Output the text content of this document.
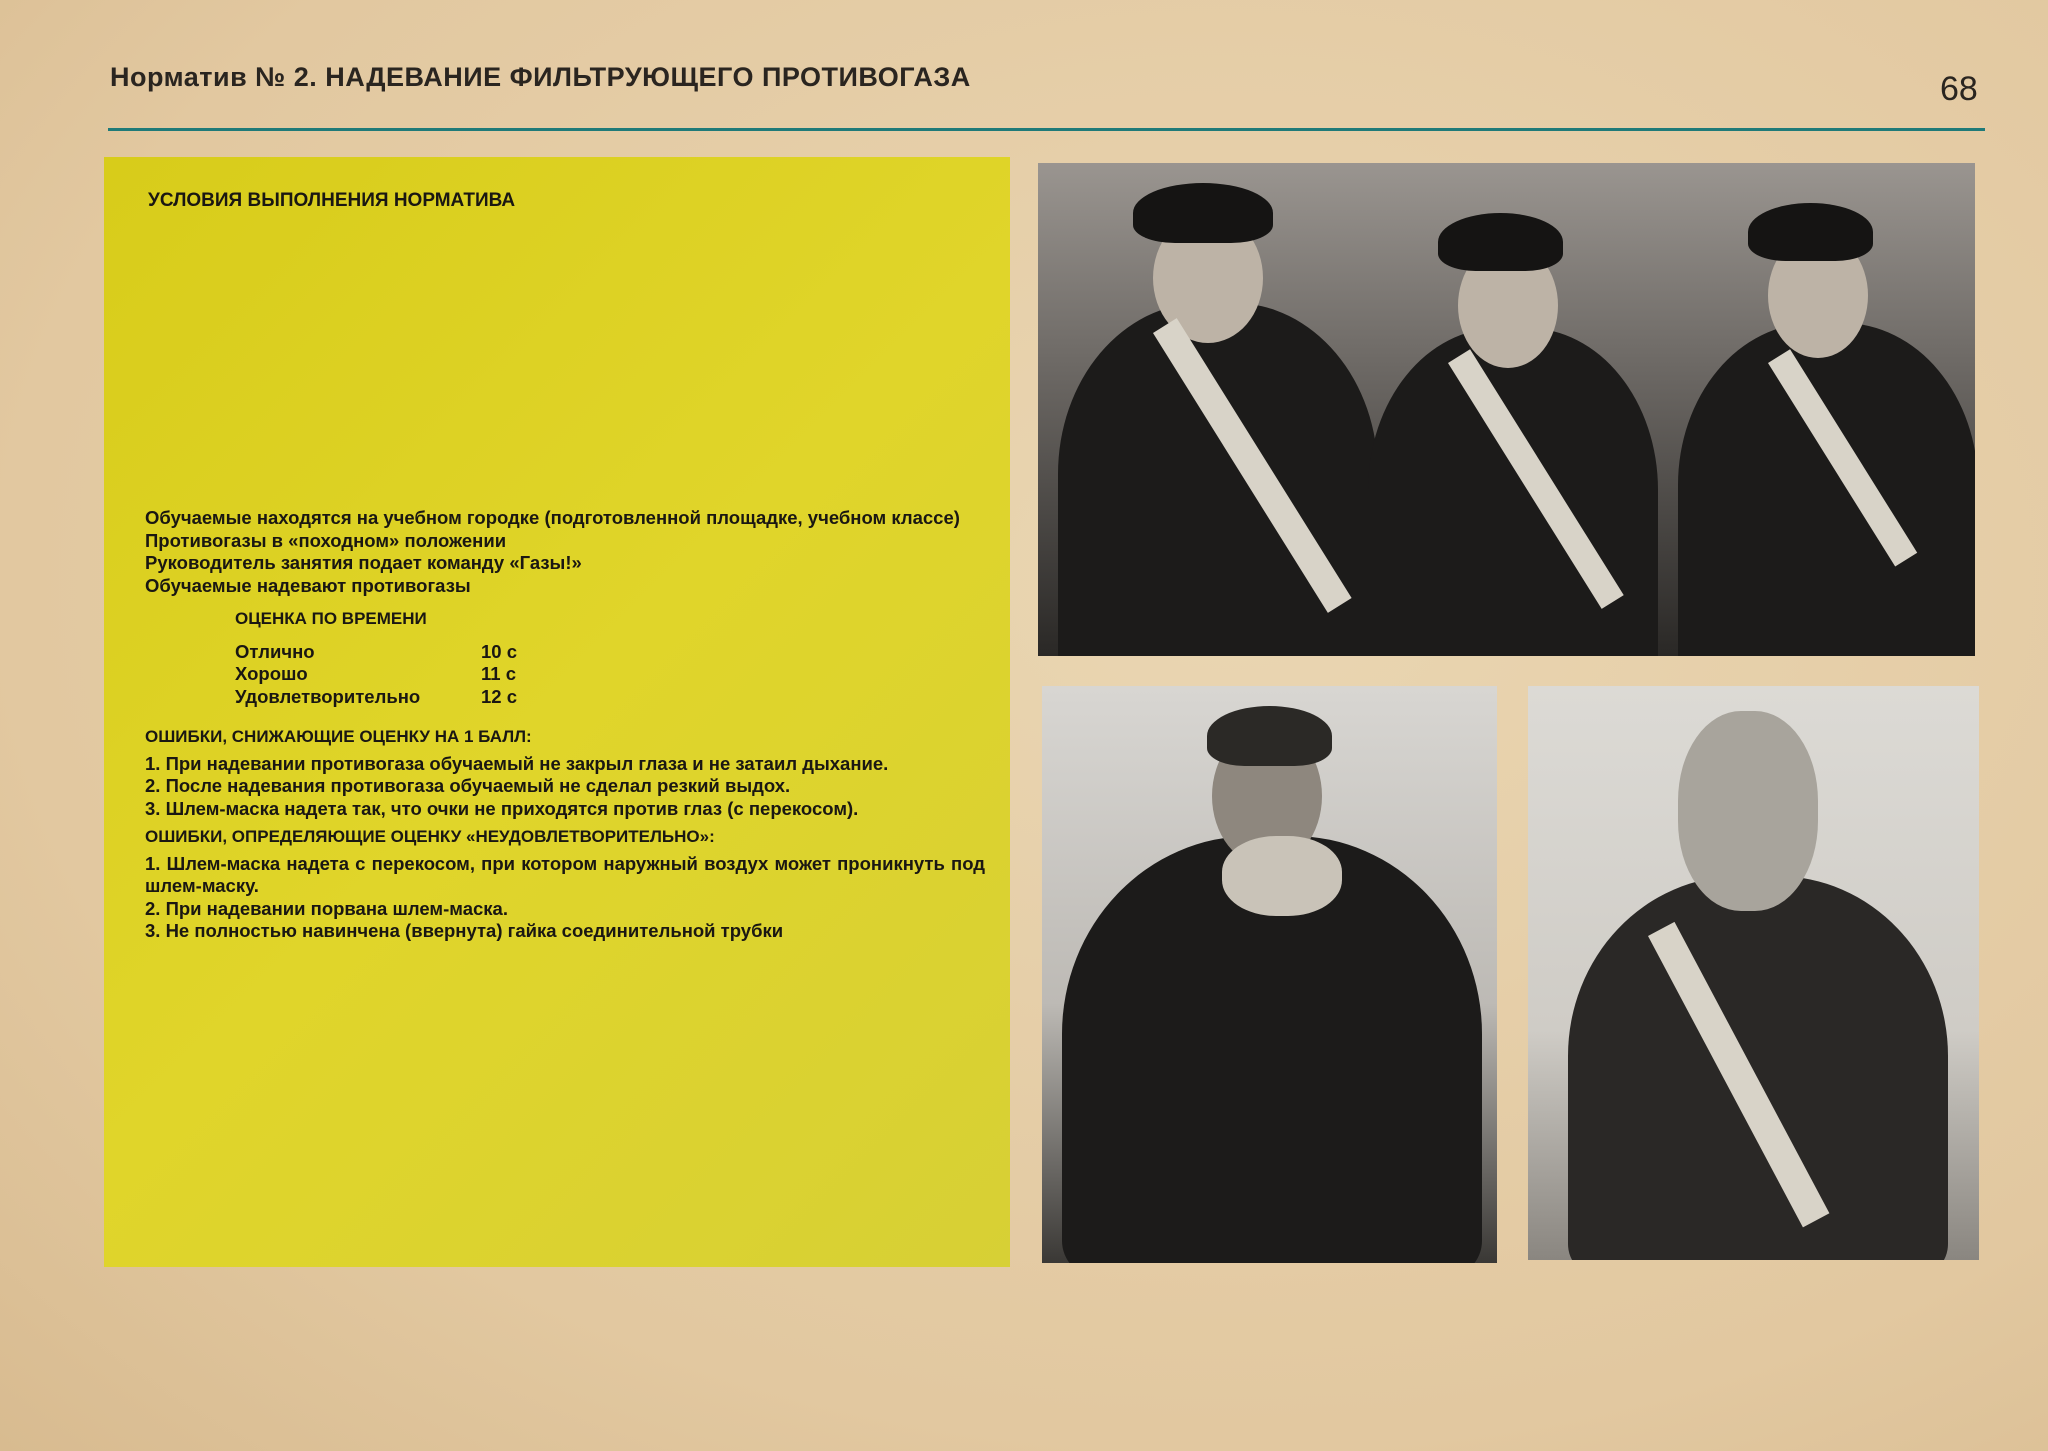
Норматив № 2. НАДЕВАНИЕ ФИЛЬТРУЮЩЕГО ПРОТИВОГАЗА	68
УСЛОВИЯ ВЫПОЛНЕНИЯ НОРМАТИВА

Обучаемые находятся на учебном городке (подготовленной площадке, учебном классе)

Противогазы в «походном» положении

Руководитель занятия подает команду «Газы!»

Обучаемые надевают противогазы

ОЦЕНКА ПО ВРЕМЕНИ
Отлично	10 с
Хорошо	11 с
Удовлетворительно	12 с
ОШИБКИ, СНИЖАЮЩИЕ ОЦЕНКУ НА 1 БАЛЛ:

1. При надевании противогаза обучаемый не закрыл глаза и не затаил дыхание.

2. После надевания противогаза обучаемый не сделал резкий выдох.

3. Шлем-маска надета так, что очки не приходятся против глаз (с перекосом).

ОШИБКИ, ОПРЕДЕЛЯЮЩИЕ ОЦЕНКУ «НЕУДОВЛЕТВОРИТЕЛЬНО»:

1. Шлем-маска надета с перекосом, при котором наружный воздух может проникнуть под шлем-маску.

2. При надевании порвана шлем-маска.

3. Не полностью навинчена (ввернута) гайка соединительной трубки
